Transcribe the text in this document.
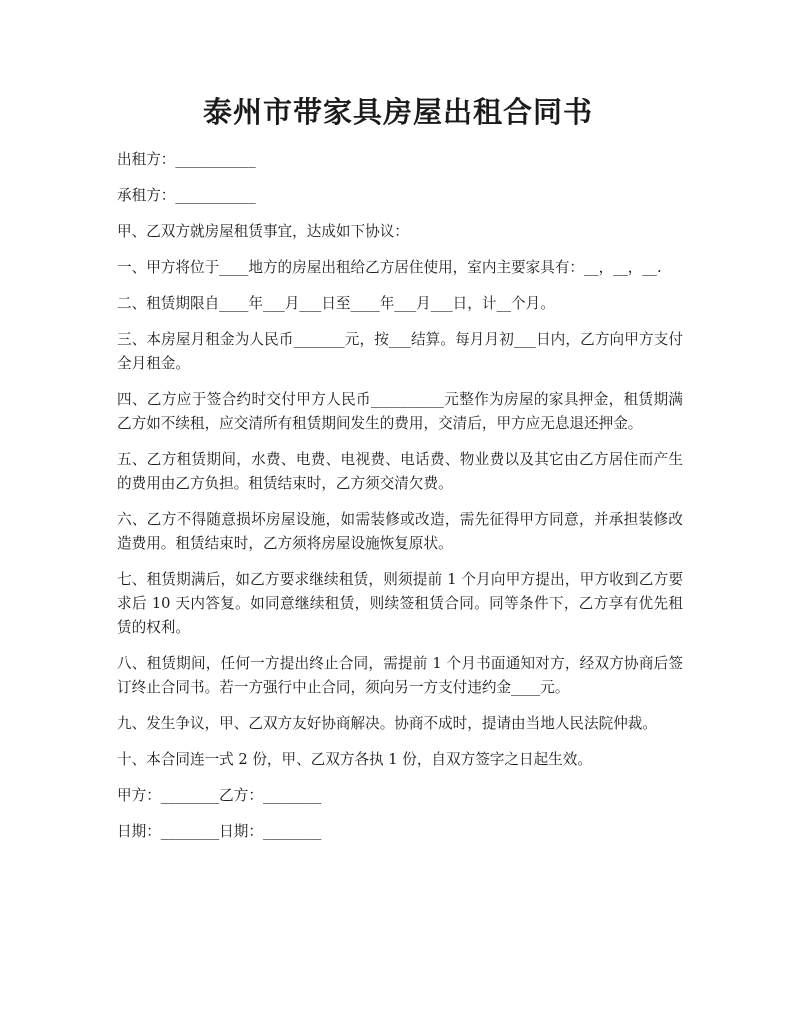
泰州市带家具房屋出租合同书

出租方：___________

承租方：___________

甲、乙双方就房屋租赁事宜，达成如下协议：

一、甲方将位于____地方的房屋出租给乙方居住使用，室内主要家具有：__，__，__.

二、租赁期限自____年___月___日至____年___月___日，计__个月。

三、本房屋月租金为人民币_______元，按___结算。每月月初___日内，乙方向甲方支付全月租金。

四、乙方应于签合约时交付甲方人民币__________元整作为房屋的家具押金，租赁期满乙方如不续租，应交清所有租赁期间发生的费用，交清后，甲方应无息退还押金。

五、乙方租赁期间，水费、电费、电视费、电话费、物业费以及其它由乙方居住而产生的费用由乙方负担。租赁结束时，乙方须交清欠费。

六、乙方不得随意损坏房屋设施，如需装修或改造，需先征得甲方同意，并承担装修改造费用。租赁结束时，乙方须将房屋设施恢复原状。

七、租赁期满后，如乙方要求继续租赁，则须提前 1 个月向甲方提出，甲方收到乙方要求后 10 天内答复。如同意继续租赁，则续签租赁合同。同等条件下，乙方享有优先租赁的权利。

八、租赁期间，任何一方提出终止合同，需提前 1 个月书面通知对方，经双方协商后签订终止合同书。若一方强行中止合同，须向另一方支付违约金____元。

九、发生争议，甲、乙双方友好协商解决。协商不成时，提请由当地人民法院仲裁。

十、本合同连一式 2 份，甲、乙双方各执 1 份，自双方签字之日起生效。

甲方：________乙方：________

日期：________日期：________
